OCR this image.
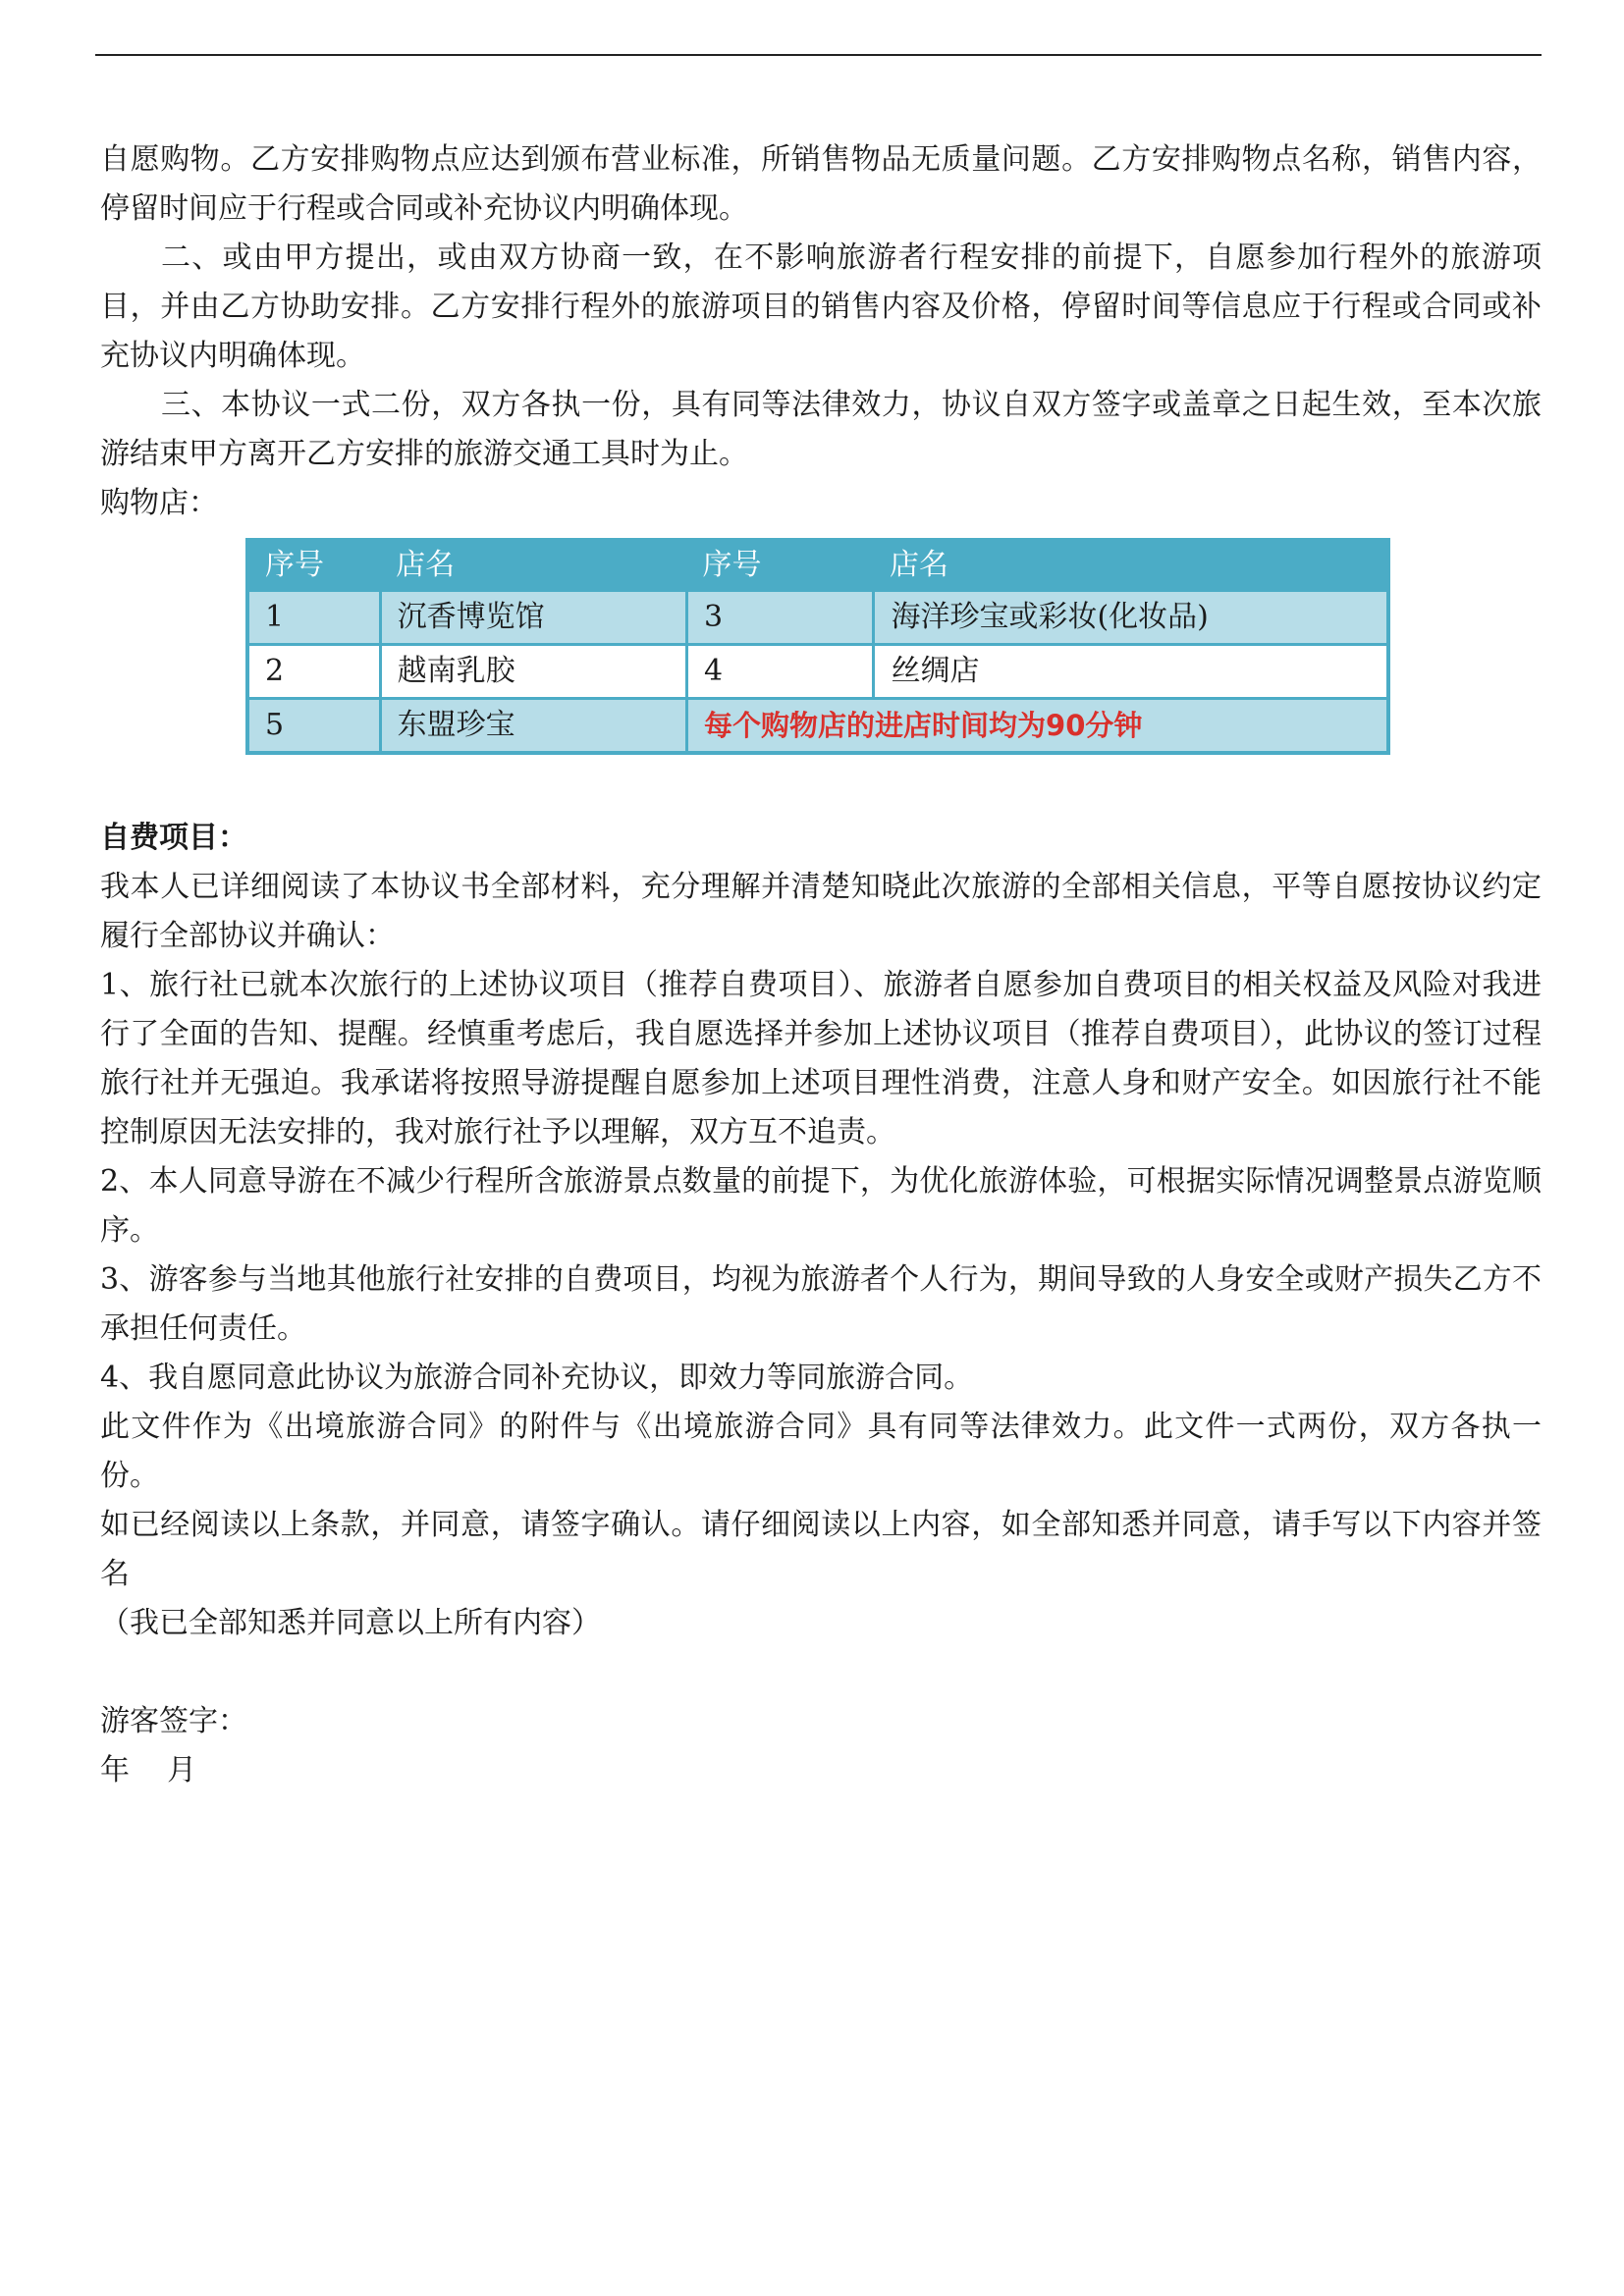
自愿购物。乙方安排购物点应达到颁布营业标准，所销售物品无质量问题。乙方安排购物点名称，销售内容，停留时间应于行程或合同或补充协议内明确体现。

二、或由甲方提出，或由双方协商一致，在不影响旅游者行程安排的前提下，自愿参加行程外的旅游项目，并由乙方协助安排。乙方安排行程外的旅游项目的销售内容及价格，停留时间等信息应于行程或合同或补充协议内明确体现。

三、本协议一式二份，双方各执一份，具有同等法律效力，协议自双方签字或盖章之日起生效，至本次旅游结束甲方离开乙方安排的旅游交通工具时为止。

购物店：

序号	店名	序号	店名
1	沉香博览馆	3	海洋珍宝或彩妆(化妆品)
2	越南乳胶	4	丝绸店
5	东盟珍宝	每个购物店的进店时间均为90分钟	

自费项目：

我本人已详细阅读了本协议书全部材料，充分理解并清楚知晓此次旅游的全部相关信息，平等自愿按协议约定履行全部协议并确认：

1、旅行社已就本次旅行的上述协议项目（推荐自费项目）、旅游者自愿参加自费项目的相关权益及风险对我进行了全面的告知、提醒。经慎重考虑后，我自愿选择并参加上述协议项目（推荐自费项目），此协议的签订过程旅行社并无强迫。我承诺将按照导游提醒自愿参加上述项目理性消费，注意人身和财产安全。如因旅行社不能控制原因无法安排的，我对旅行社予以理解，双方互不追责。

2、本人同意导游在不减少行程所含旅游景点数量的前提下，为优化旅游体验，可根据实际情况调整景点游览顺序。

3、游客参与当地其他旅行社安排的自费项目，均视为旅游者个人行为，期间导致的人身安全或财产损失乙方不承担任何责任。

4、我自愿同意此协议为旅游合同补充协议，即效力等同旅游合同。

此文件作为《出境旅游合同》的附件与《出境旅游合同》具有同等法律效力。此文件一式两份，双方各执一份。

如已经阅读以上条款，并同意，请签字确认。请仔细阅读以上内容，如全部知悉并同意，请手写以下内容并签名

（我已全部知悉并同意以上所有内容）

游客签字：

年    月
